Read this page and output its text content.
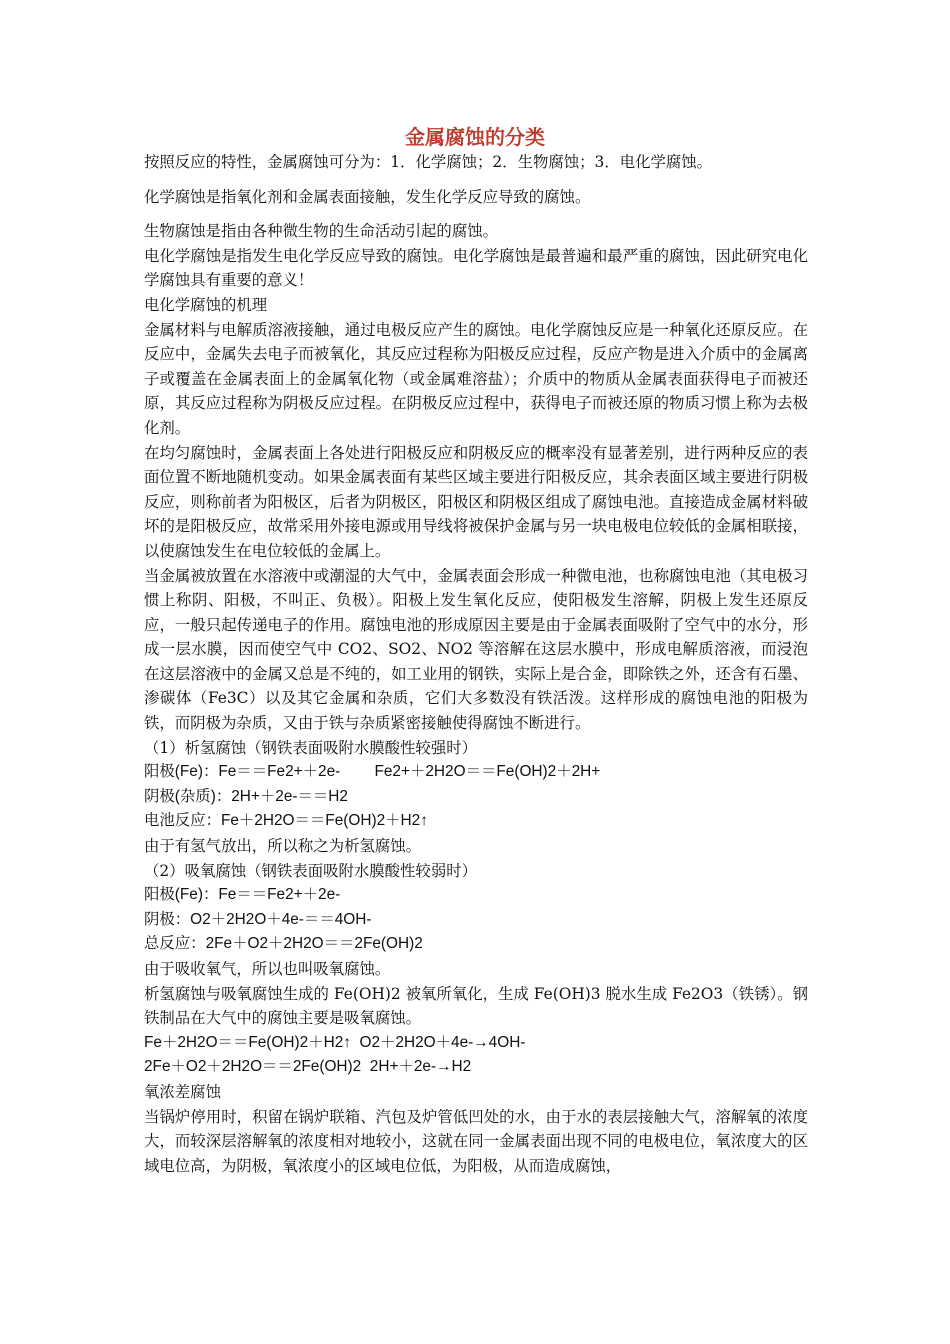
金属腐蚀的分类

按照反应的特性，金属腐蚀可分为：1．化学腐蚀；2．生物腐蚀；3．电化学腐蚀。

化学腐蚀是指氧化剂和金属表面接触，发生化学反应导致的腐蚀。

生物腐蚀是指由各种微生物的生命活动引起的腐蚀。

电化学腐蚀是指发生电化学反应导致的腐蚀。电化学腐蚀是最普遍和最严重的腐蚀，因此研究电化学腐蚀具有重要的意义！

电化学腐蚀的机理

金属材料与电解质溶液接触，通过电极反应产生的腐蚀。电化学腐蚀反应是一种氧化还原反应。在反应中，金属失去电子而被氧化，其反应过程称为阳极反应过程，反应产物是进入介质中的金属离子或覆盖在金属表面上的金属氧化物（或金属难溶盐）；介质中的物质从金属表面获得电子而被还原，其反应过程称为阴极反应过程。在阴极反应过程中，获得电子而被还原的物质习惯上称为去极化剂。

在均匀腐蚀时，金属表面上各处进行阳极反应和阴极反应的概率没有显著差别，进行两种反应的表面位置不断地随机变动。如果金属表面有某些区域主要进行阳极反应，其余表面区域主要进行阴极反应，则称前者为阳极区，后者为阴极区，阳极区和阴极区组成了腐蚀电池。直接造成金属材料破坏的是阳极反应，故常采用外接电源或用导线将被保护金属与另一块电极电位较低的金属相联接，以使腐蚀发生在电位较低的金属上。

当金属被放置在水溶液中或潮湿的大气中，金属表面会形成一种微电池，也称腐蚀电池（其电极习惯上称阴、阳极，不叫正、负极）。阳极上发生氧化反应，使阳极发生溶解，阴极上发生还原反应，一般只起传递电子的作用。腐蚀电池的形成原因主要是由于金属表面吸附了空气中的水分，形成一层水膜，因而使空气中 CO2、SO2、NO2 等溶解在这层水膜中，形成电解质溶液，而浸泡在这层溶液中的金属又总是不纯的，如工业用的钢铁，实际上是合金，即除铁之外，还含有石墨、渗碳体（Fe3C）以及其它金属和杂质，它们大多数没有铁活泼。这样形成的腐蚀电池的阳极为铁，而阴极为杂质，又由于铁与杂质紧密接触使得腐蚀不断进行。

（1）析氢腐蚀（钢铁表面吸附水膜酸性较强时）

阳极(Fe)：Fe＝＝Fe2+＋2e-        Fe2+＋2H2O＝＝Fe(OH)2＋2H+

阴极(杂质)：2H+＋2e-＝＝H2

电池反应：Fe＋2H2O＝＝Fe(OH)2＋H2↑

由于有氢气放出，所以称之为析氢腐蚀。

（2）吸氧腐蚀（钢铁表面吸附水膜酸性较弱时）

阳极(Fe)：Fe＝＝Fe2+＋2e-

阴极：O2＋2H2O＋4e-＝＝4OH-

总反应：2Fe＋O2＋2H2O＝＝2Fe(OH)2

由于吸收氧气，所以也叫吸氧腐蚀。

析氢腐蚀与吸氧腐蚀生成的 Fe(OH)2 被氧所氧化，生成 Fe(OH)3 脱水生成 Fe2O3（铁锈）。钢铁制品在大气中的腐蚀主要是吸氧腐蚀。

Fe＋2H2O＝＝Fe(OH)2＋H2↑  O2＋2H2O＋4e-→4OH-

2Fe＋O2＋2H2O＝＝2Fe(OH)2  2H+＋2e-→H2

氧浓差腐蚀

当锅炉停用时，积留在锅炉联箱、汽包及炉管低凹处的水，由于水的表层接触大气，溶解氧的浓度大，而较深层溶解氧的浓度相对地较小，这就在同一金属表面出现不同的电极电位，氧浓度大的区域电位高，为阴极，氧浓度小的区域电位低，为阳极，从而造成腐蚀，
